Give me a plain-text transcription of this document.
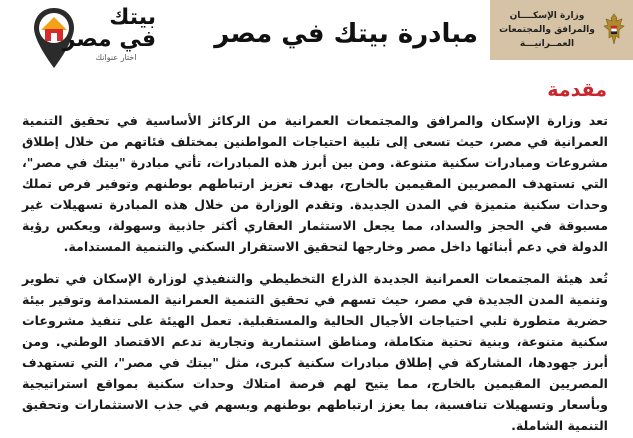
وزارة الإسكــــان
والمرافق والمجتمعات
العمــرانيـــة
مبادرة بيتك في مصر
بيتك
في مصر
اختار عنوانك
مقدمة

تعد وزارة الإسكان والمرافق والمجتمعات العمرانية من الركائز الأساسية في تحقيق التنمية العمرانية في مصر، حيث تسعى إلى تلبية احتياجات المواطنين بمختلف فئاتهم من خلال إطلاق مشروعات ومبادرات سكنية متنوعة. ومن بين أبرز هذه المبادرات، تأتي مبادرة "بيتك في مصر"، التي تستهدف المصريين المقيمين بالخارج، بهدف تعزيز ارتباطهم بوطنهم وتوفير فرص تملك وحدات سكنية متميزة في المدن الجديدة. وتقدم الوزارة من خلال هذه المبادرة تسهيلات غير مسبوقة في الحجز والسداد، مما يجعل الاستثمار العقاري أكثر جاذبية وسهولة، ويعكس رؤية الدولة في دعم أبنائها داخل مصر وخارجها لتحقيق الاستقرار السكني والتنمية المستدامة.

تُعد هيئة المجتمعات العمرانية الجديدة الذراع التخطيطي والتنفيذي لوزارة الإسكان في تطوير وتنمية المدن الجديدة في مصر، حيث تسهم في تحقيق التنمية العمرانية المستدامة وتوفير بيئة حضرية متطورة تلبي احتياجات الأجيال الحالية والمستقبلية. تعمل الهيئة على تنفيذ مشروعات سكنية متنوعة، وبنية تحتية متكاملة، ومناطق استثمارية وتجارية تدعم الاقتصاد الوطني. ومن أبرز جهودها، المشاركة في إطلاق مبادرات سكنية كبرى، مثل "بيتك في مصر"، التي تستهدف المصريين المقيمين بالخارج، مما يتيح لهم فرصة امتلاك وحدات سكنية بمواقع استراتيجية وبأسعار وتسهيلات تنافسية، بما يعزز ارتباطهم بوطنهم ويسهم في جذب الاستثمارات وتحقيق التنمية الشاملة.
